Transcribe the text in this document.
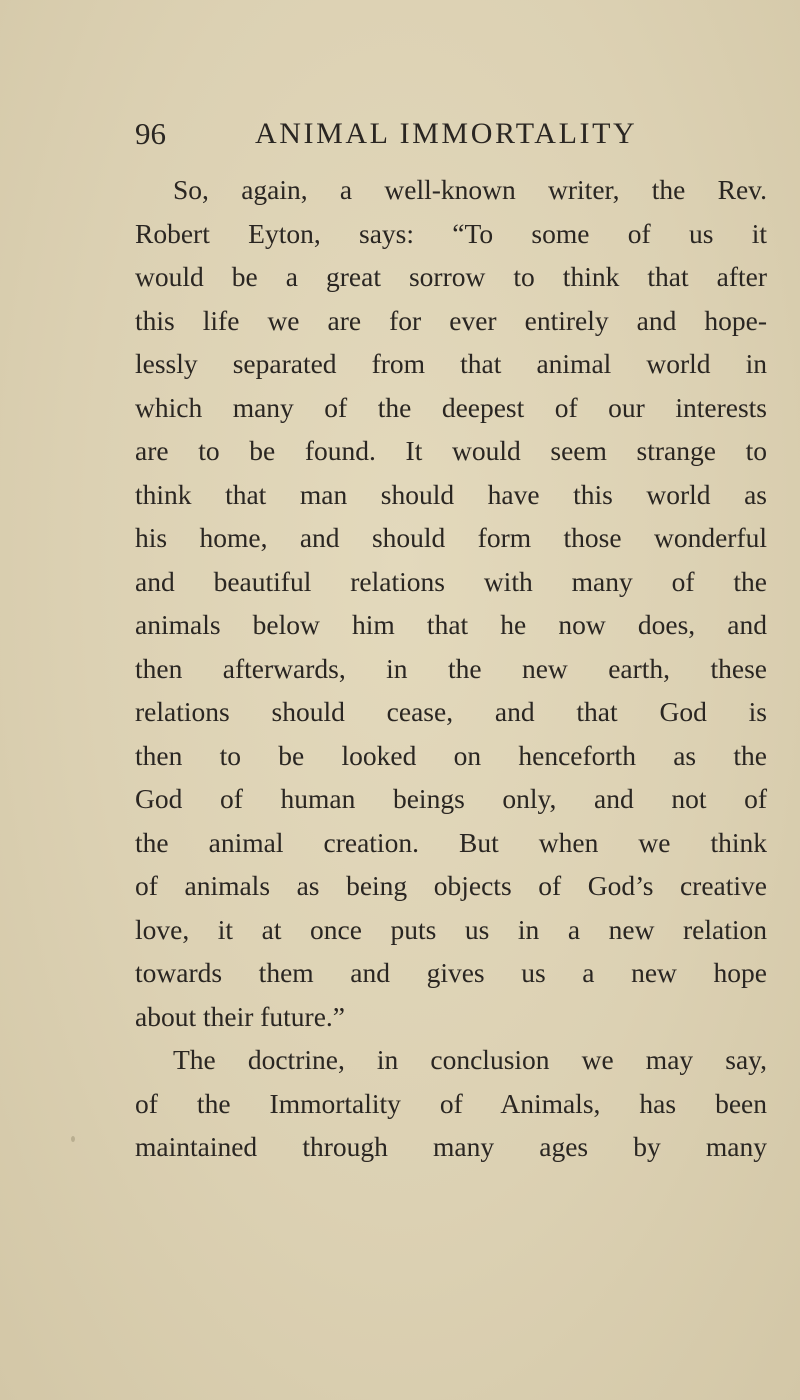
96	ANIMAL IMMORTALITY
So, again, a well-known writer, the Rev.
Robert Eyton, says: “To some of us it
would be a great sorrow to think that after
this life we are for ever entirely and hope-
lessly separated from that animal world in
which many of the deepest of our interests
are to be found. It would seem strange to
think that man should have this world as
his home, and should form those wonderful
and beautiful relations with many of the
animals below him that he now does, and
then afterwards, in the new earth, these
relations should cease, and that God is
then to be looked on henceforth as the
God of human beings only, and not of
the animal creation. But when we think
of animals as being objects of God’s creative
love, it at once puts us in a new relation
towards them and gives us a new hope
about their future.”
The doctrine, in conclusion we may say,
of the Immortality of Animals, has been
maintained through many ages by many
